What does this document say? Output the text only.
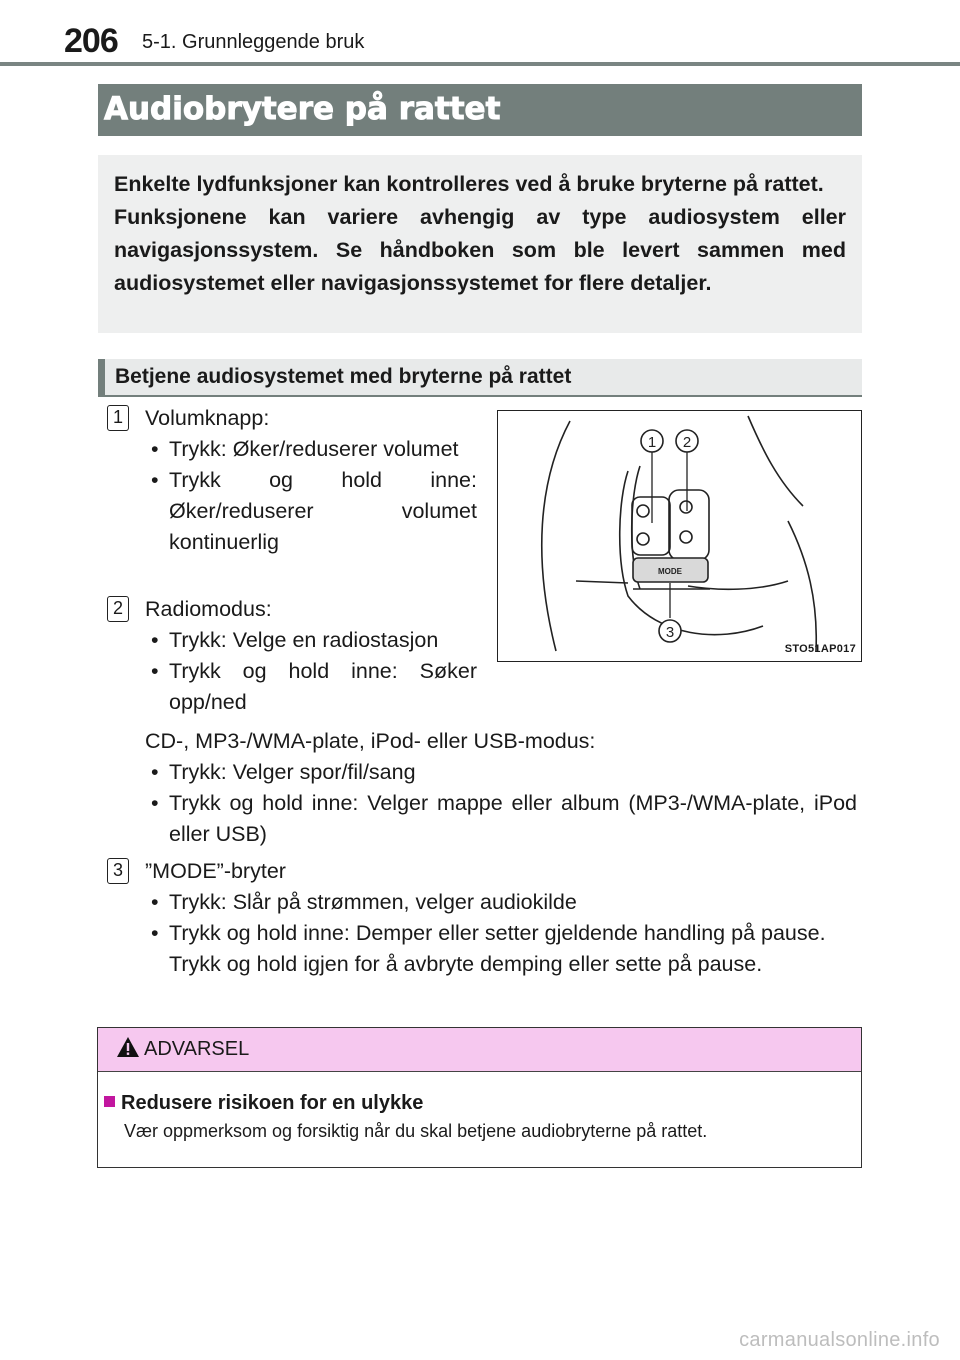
206 5-1. Grunnleggende bruk
Audiobrytere på rattet

Enkelte lydfunksjoner kan kontrolleres ved å bruke bryterne på rattet.

Funksjonene kan variere avhengig av type audiosystem eller navigasjonssystem. Se håndboken som ble levert sammen med audiosystemet eller navigasjonssystemet for flere detaljer.

Betjene audiosystemet med bryterne på rattet
1 Volumknapp:

• Trykk: Øker/reduserer volumet
• Trykk og hold inne: Øker/reduserer volumet kontinuerlig
2 Radiomodus:

• Trykk: Velge en radiostasjon
• Trykk og hold inne: Søker opp/ned

CD-, MP3-/WMA-plate, iPod- eller USB-modus:

• Trykk: Velger spor/fil/sang
• Trykk og hold inne: Velger mappe eller album (MP3-/WMA-plate, iPod eller USB)
3 ”MODE”-bryter

• Trykk: Slår på strømmen, velger audiokilde
• Trykk og hold inne: Demper eller setter gjeldende handling på pause.

Trykk og hold igjen for å avbryte demping eller sette på pause.

1 2
3
MODE
STO51AP017
ADVARSEL
Redusere risikoen for en ulykke
Vær oppmerksom og forsiktig når du skal betjene audiobryterne på rattet.
carmanualsonline.info
